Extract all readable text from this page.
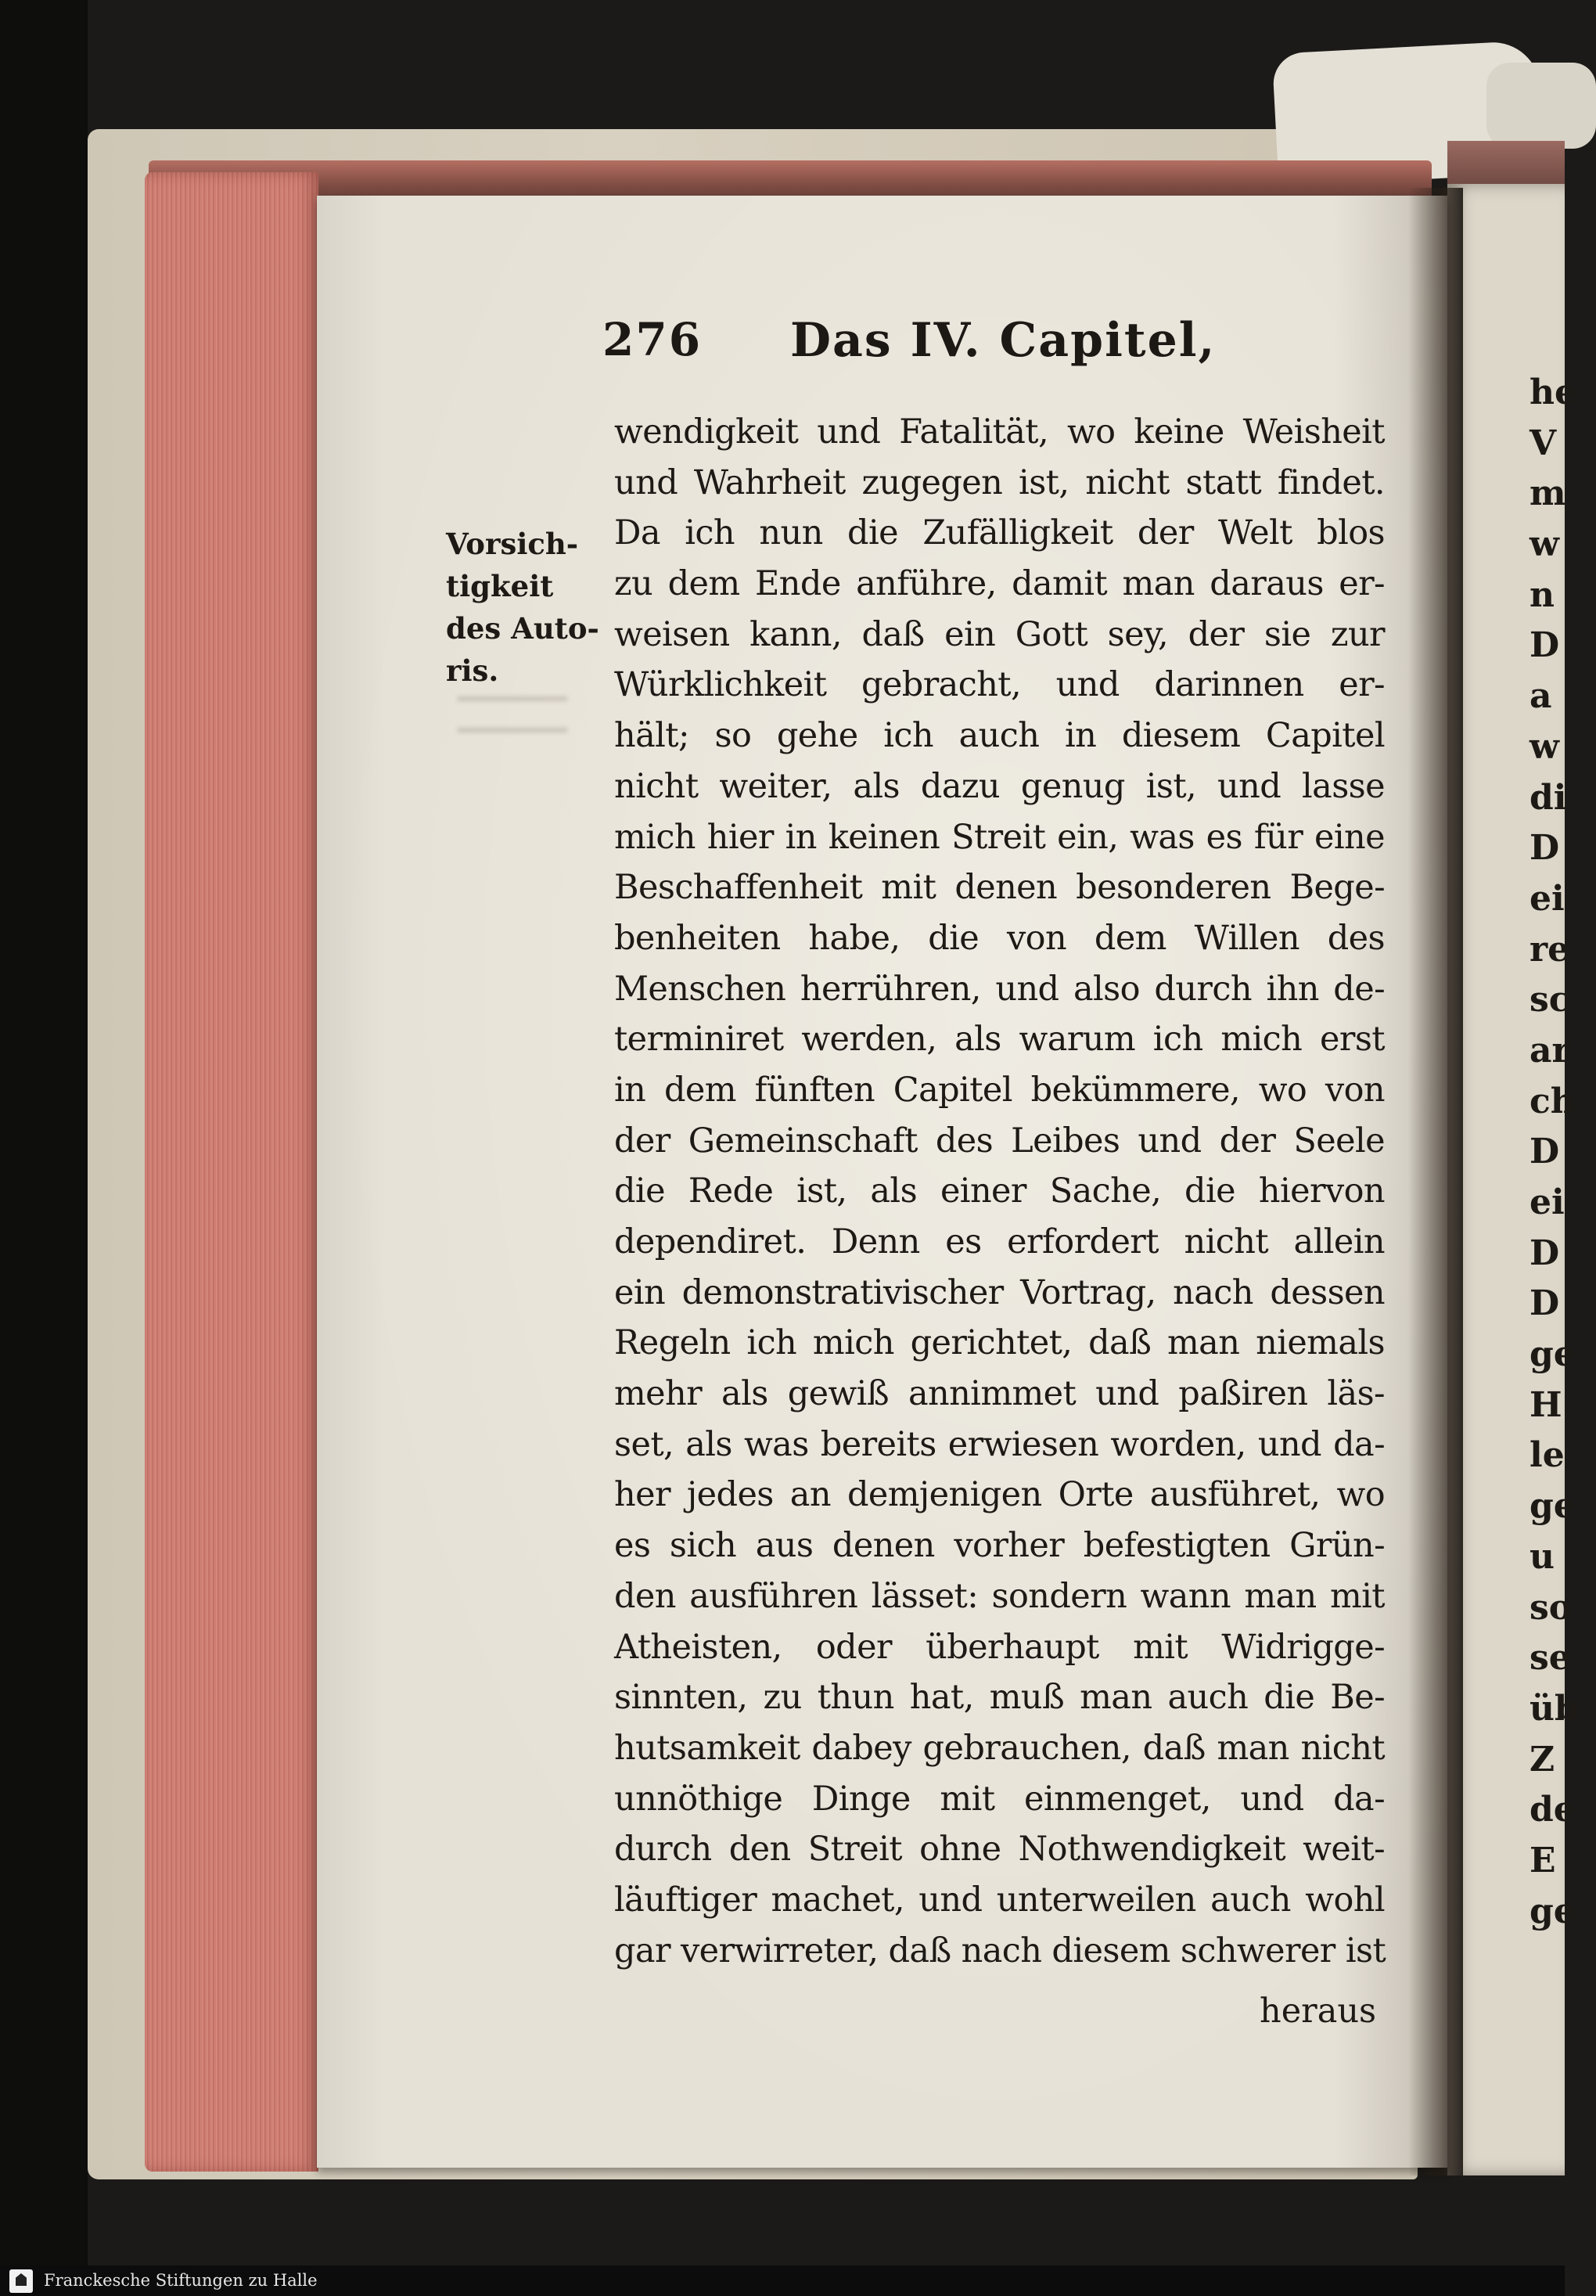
he
V
m
w
n
D
a
w
di
D
ei
re
sc
ar
ch
D
ei
D
D
ge
H
le
ge
u
so
se
üb
Z
de
E
ge
276 Das IV. Capitel,
Vorsich-
tigkeit
des Auto-
ris.
wendigkeit und Fatalität, wo keine Weisheit
und Wahrheit zugegen ist, nicht statt findet.
Da ich nun die Zufälligkeit der Welt blos
zu dem Ende anführe, damit man daraus er-
weisen kann, daß ein Gott sey, der sie zur
Würklichkeit gebracht, und darinnen er-
hält; so gehe ich auch in diesem Capitel
nicht weiter, als dazu genug ist, und lasse
mich hier in keinen Streit ein, was es für eine
Beschaffenheit mit denen besonderen Bege-
benheiten habe, die von dem Willen des
Menschen herrühren, und also durch ihn de-
terminiret werden, als warum ich mich erst
in dem fünften Capitel bekümmere, wo von
der Gemeinschaft des Leibes und der Seele
die Rede ist, als einer Sache, die hiervon
dependiret. Denn es erfordert nicht allein
ein demonstrativischer Vortrag, nach dessen
Regeln ich mich gerichtet, daß man niemals
mehr als gewiß annimmet und paßiren läs-
set, als was bereits erwiesen worden, und da-
her jedes an demjenigen Orte ausführet, wo
es sich aus denen vorher befestigten Grün-
den ausführen lässet: sondern wann man mit
Atheisten, oder überhaupt mit Widrigge-
sinnten, zu thun hat, muß man auch die Be-
hutsamkeit dabey gebrauchen, daß man nicht
unnöthige Dinge mit einmenget, und da-
durch den Streit ohne Nothwendigkeit weit-
läuftiger machet, und unterweilen auch wohl
gar verwirreter, daß nach diesem schwerer ist
heraus
Franckesche Stiftungen zu Halle
